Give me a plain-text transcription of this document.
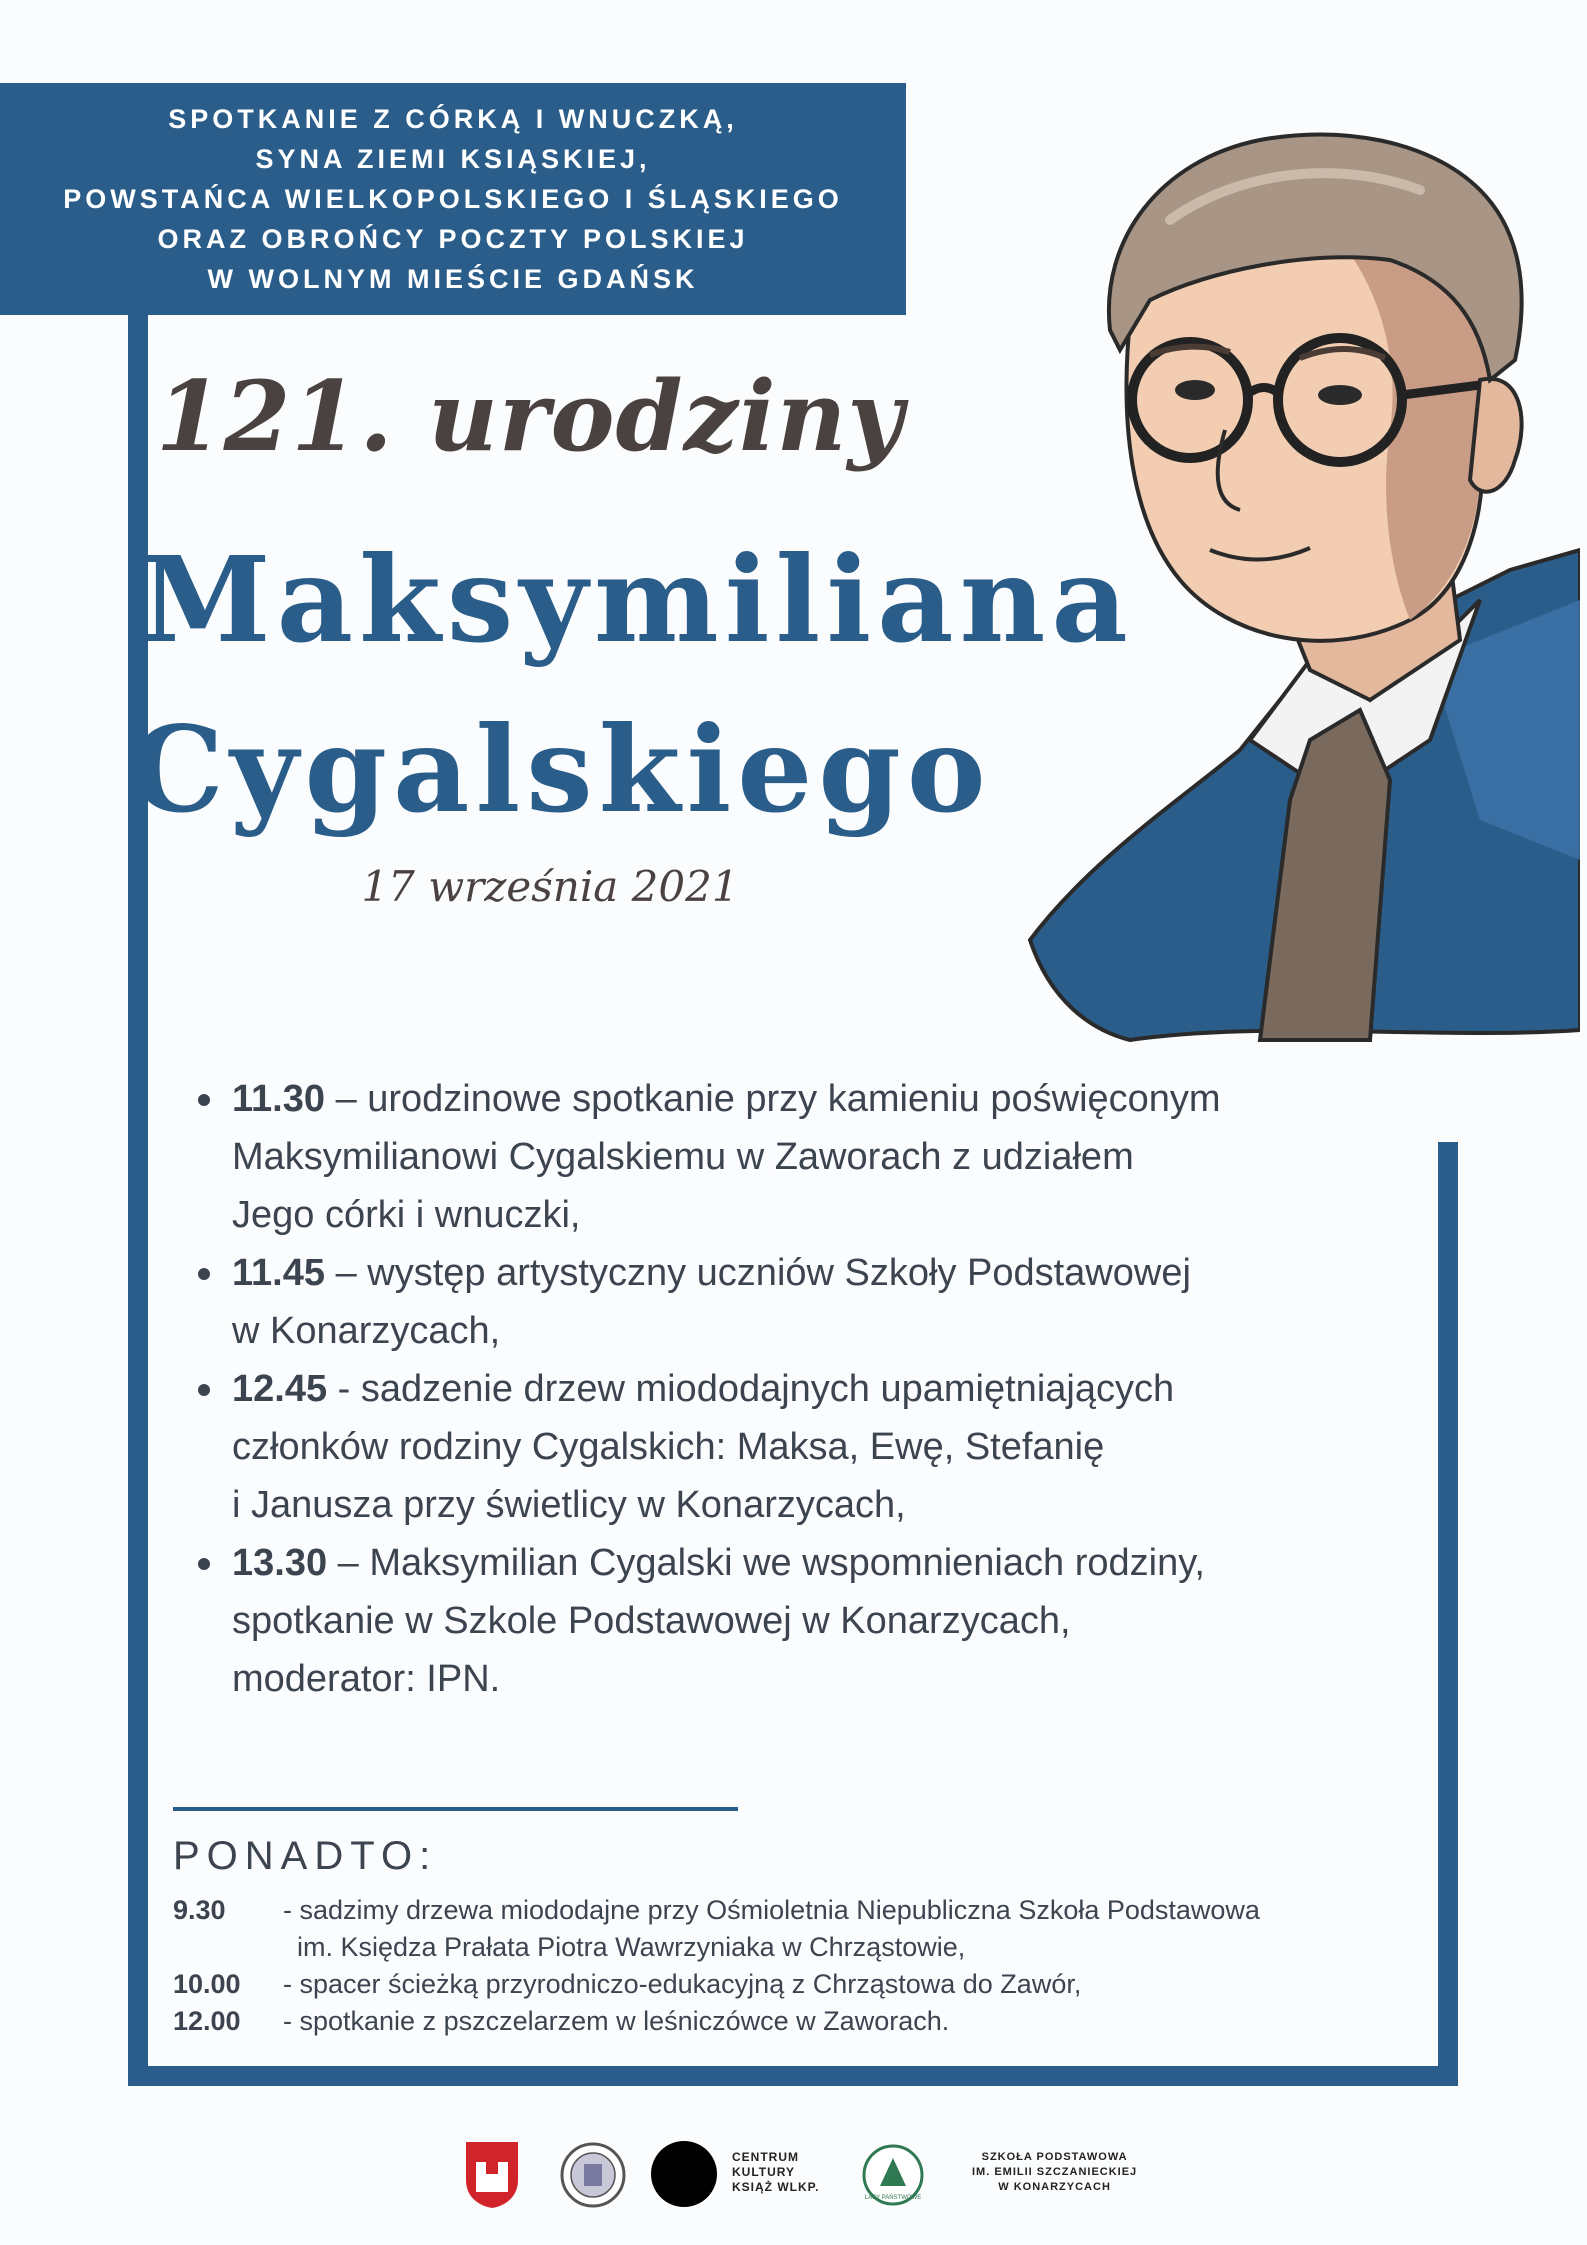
SPOTKANIE Z CÓRKĄ I WNUCZKĄ,
SYNA ZIEMI KSIĄSKIEJ,
POWSTAŃCA WIELKOPOLSKIEGO I ŚLĄSKIEGO
ORAZ OBROŃCY POCZTY POLSKIEJ
W WOLNYM MIEŚCIE GDAŃSK
121. urodziny
Maksymiliana
Cygalskiego
17 września 2021
11.30 – urodzinowe spotkanie przy kamieniu poświęconym
Maksymilianowi Cygalskiemu w Zaworach z udziałem
Jego córki i wnuczki,
11.45 – występ artystyczny uczniów Szkoły Podstawowej
w Konarzycach,
12.45 - sadzenie drzew miododajnych upamiętniających
członków rodziny Cygalskich: Maksa, Ewę, Stefanię
i Janusza przy świetlicy w Konarzycach,
13.30 – Maksymilian Cygalski we wspomnieniach rodziny,
spotkanie w Szkole Podstawowej w Konarzycach,
moderator: IPN.
PONADTO:
9.30	- sadzimy drzewa miododajne przy Ośmioletnia Niepubliczna Szkoła Podstawowa
im. Księdza Prałata Piotra Wawrzyniaka w Chrząstowie,
10.00	- spacer ścieżką przyrodniczo-edukacyjną z Chrząstowa do Zawór,
12.00	- spotkanie z pszczelarzem w leśniczówce w Zaworach.
CENTRUM
KULTURY
KSIĄŻ WLKP.
LASY PAŃSTWOWE
SZKOŁA PODSTAWOWA
IM. EMILII SZCZANIECKIEJ
W KONARZYCACH
